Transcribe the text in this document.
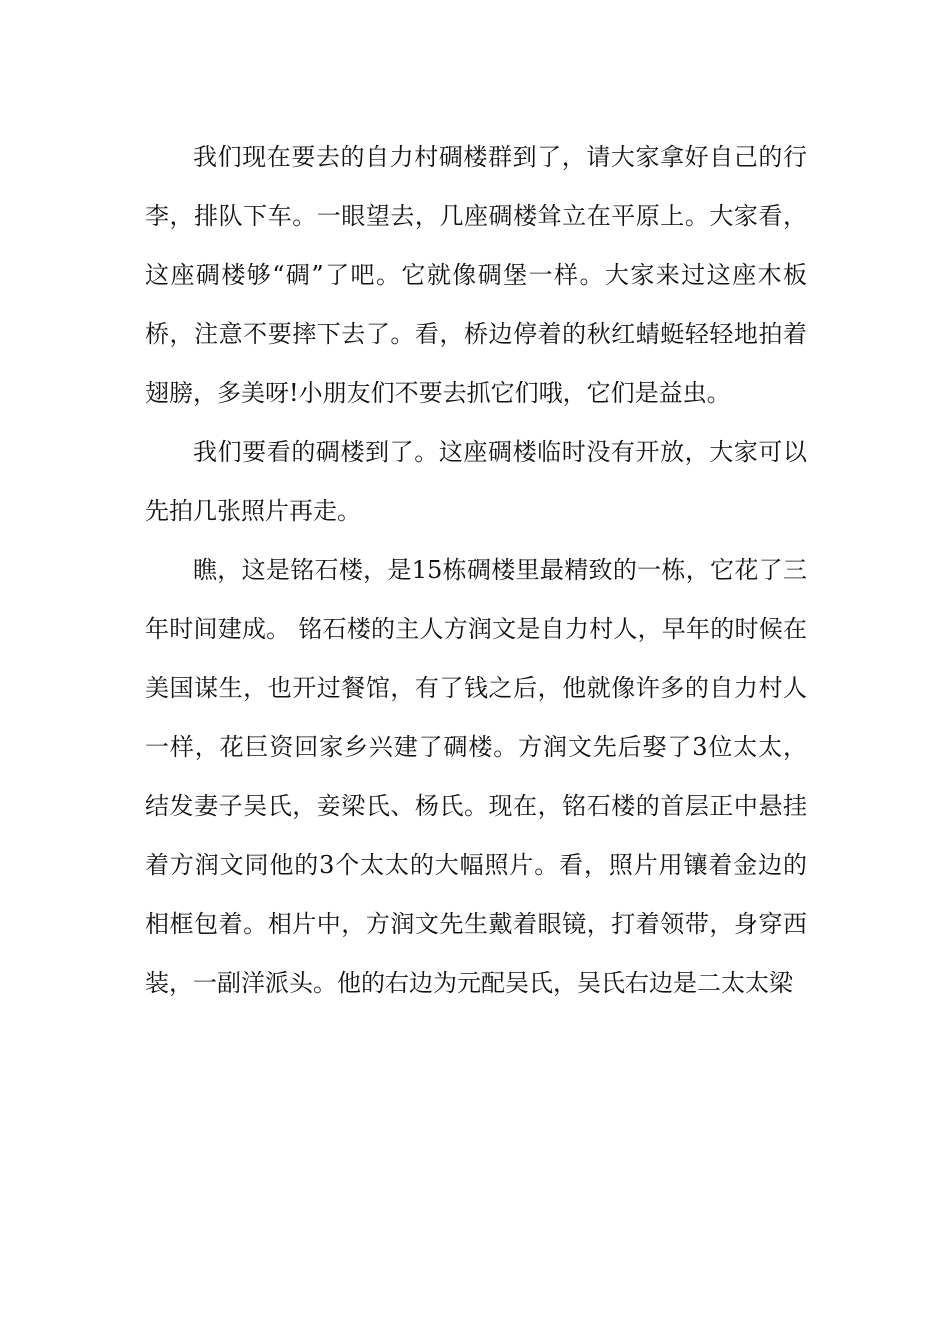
我们现在要去的自力村碉楼群到了，请大家拿好自己的行李，排队下车。一眼望去，几座碉楼耸立在平原上。大家看，这座碉楼够“碉”了吧。它就像碉堡一样。大家来过这座木板桥，注意不要摔下去了。看，桥边停着的秋红蜻蜓轻轻地拍着翅膀，多美呀!小朋友们不要去抓它们哦，它们是益虫。

我们要看的碉楼到了。这座碉楼临时没有开放，大家可以先拍几张照片再走。

瞧，这是铭石楼，是15栋碉楼里最精致的一栋，它花了三年时间建成。 铭石楼的主人方润文是自力村人，早年的时候在美国谋生，也开过餐馆，有了钱之后，他就像许多的自力村人一样，花巨资回家乡兴建了碉楼。方润文先后娶了3位太太，结发妻子吴氏，妾梁氏、杨氏。现在，铭石楼的首层正中悬挂着方润文同他的3个太太的大幅照片。看，照片用镶着金边的相框包着。相片中，方润文先生戴着眼镜，打着领带，身穿西装，一副洋派头。他的右边为元配吴氏，吴氏右边是二太太梁
